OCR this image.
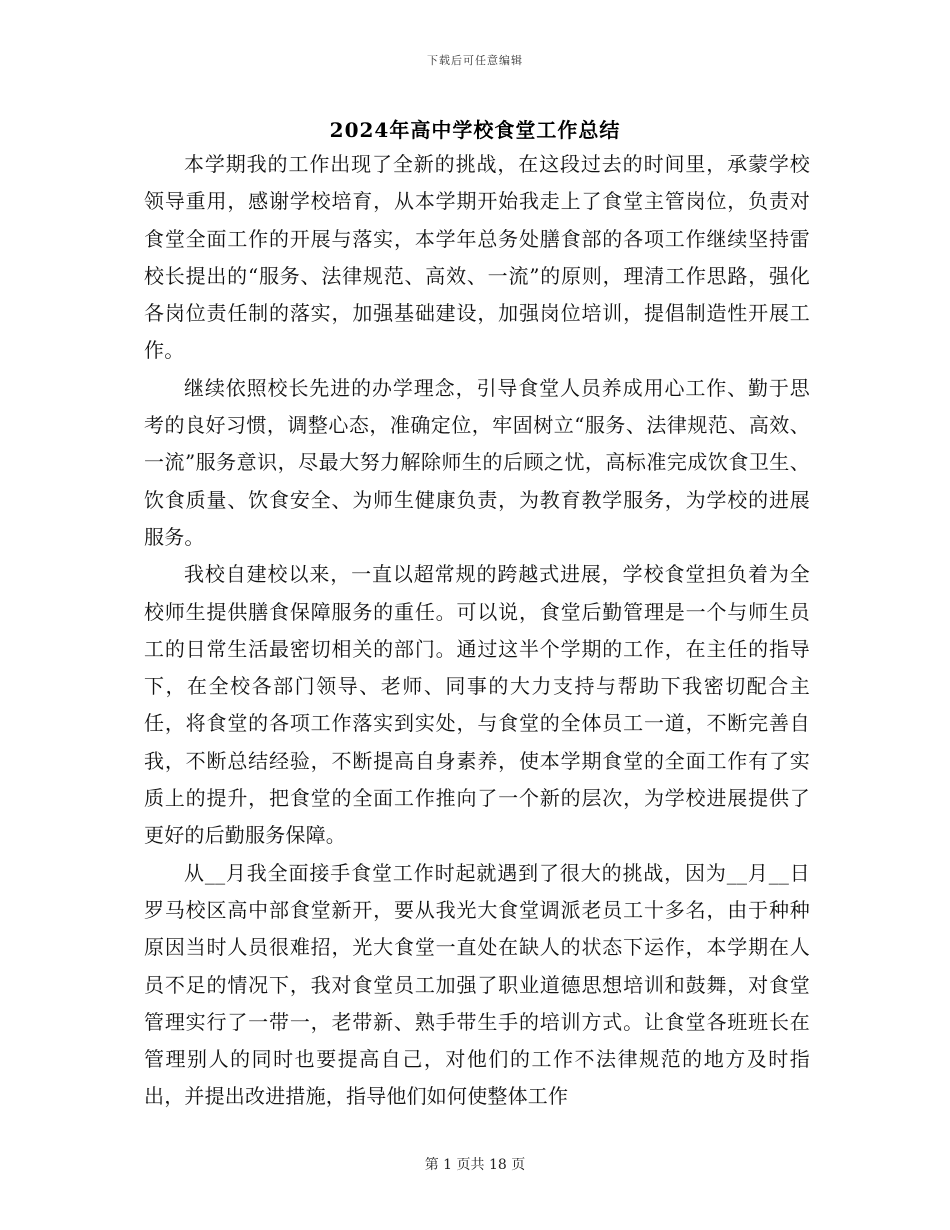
下载后可任意编辑
2024年高中学校食堂工作总结

本学期我的工作出现了全新的挑战，在这段过去的时间里，承蒙学校领导重用，感谢学校培育，从本学期开始我走上了食堂主管岗位，负责对食堂全面工作的开展与落实，本学年总务处膳食部的各项工作继续坚持雷校长提出的“服务、法律规范、高效、一流”的原则，理清工作思路，强化各岗位责任制的落实，加强基础建设，加强岗位培训，提倡制造性开展工作。

继续依照校长先进的办学理念，引导食堂人员养成用心工作、勤于思考的良好习惯，调整心态，准确定位，牢固树立“服务、法律规范、高效、一流”服务意识，尽最大努力解除师生的后顾之忧，高标准完成饮食卫生、饮食质量、饮食安全、为师生健康负责，为教育教学服务，为学校的进展服务。

我校自建校以来，一直以超常规的跨越式进展，学校食堂担负着为全校师生提供膳食保障服务的重任。可以说，食堂后勤管理是一个与师生员工的日常生活最密切相关的部门。通过这半个学期的工作，在主任的指导下，在全校各部门领导、老师、同事的大力支持与帮助下我密切配合主任，将食堂的各项工作落实到实处，与食堂的全体员工一道，不断完善自我，不断总结经验，不断提高自身素养，使本学期食堂的全面工作有了实质上的提升，把食堂的全面工作推向了一个新的层次，为学校进展提供了更好的后勤服务保障。

从__月我全面接手食堂工作时起就遇到了很大的挑战，因为__月__日罗马校区高中部食堂新开，要从我光大食堂调派老员工十多名，由于种种原因当时人员很难招，光大食堂一直处在缺人的状态下运作，本学期在人员不足的情况下，我对食堂员工加强了职业道德思想培训和鼓舞，对食堂管理实行了一带一，老带新、熟手带生手的培训方式。让食堂各班班长在管理别人的同时也要提高自己，对他们的工作不法律规范的地方及时指出，并提出改进措施，指导他们如何使整体工作

第 1 页共 18 页
